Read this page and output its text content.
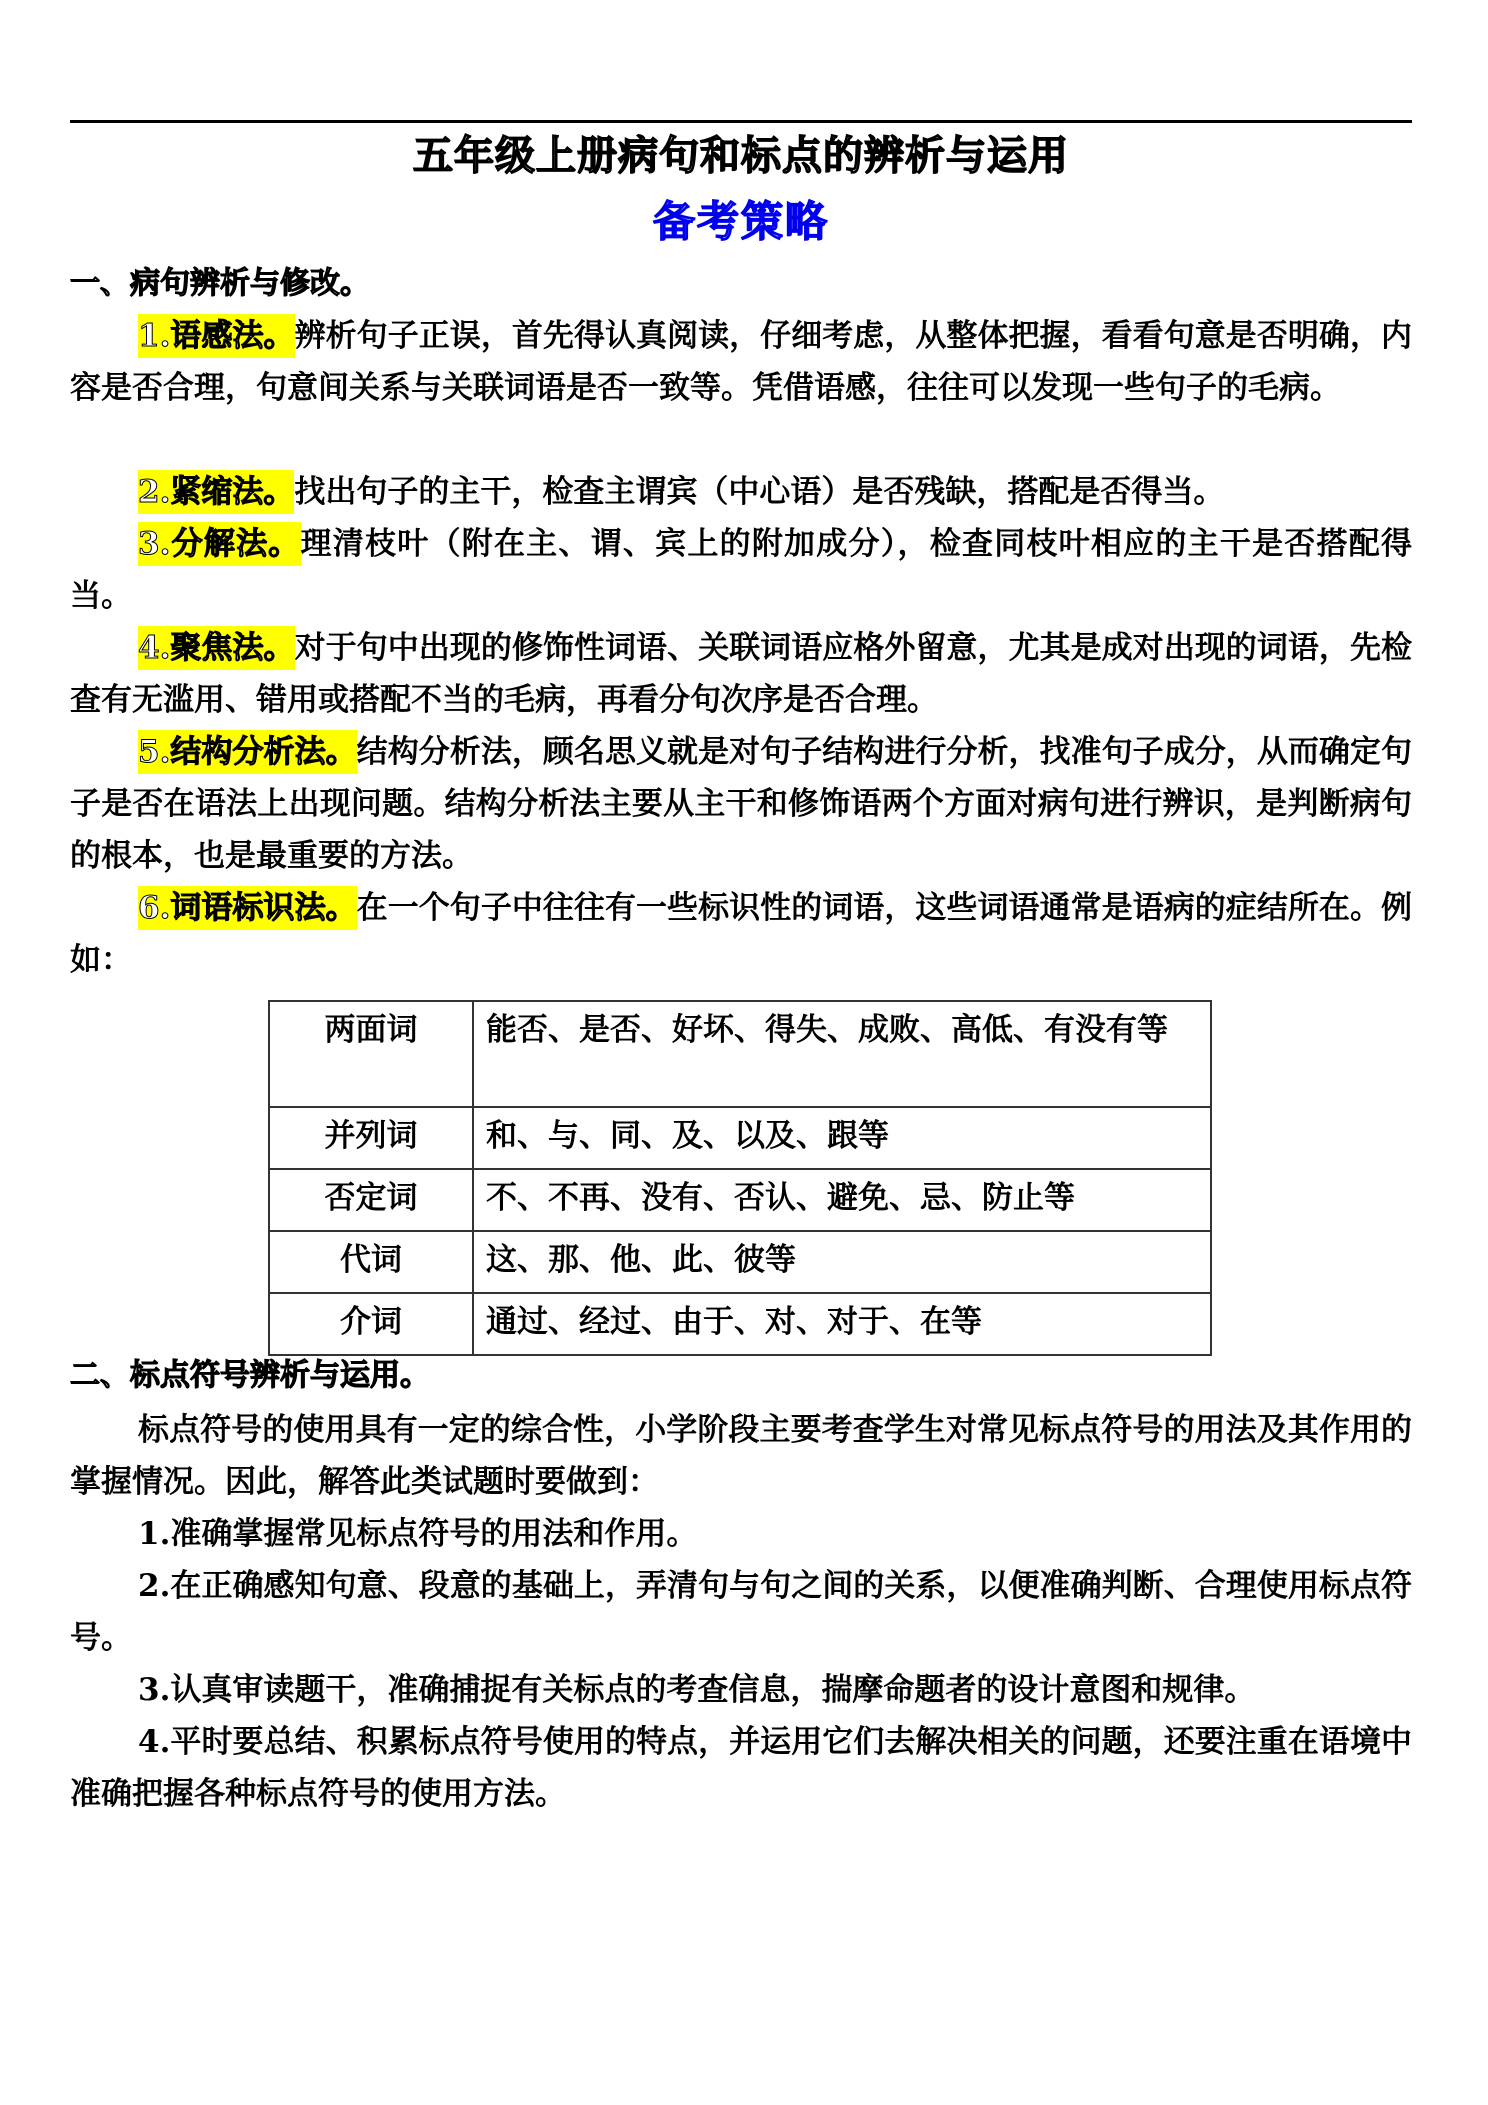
五年级上册病句和标点的辨析与运用
备考策略
一、病句辨析与修改。
1.语感法。辨析句子正误，首先得认真阅读，仔细考虑，从整体把握，看看句意是否明确，内容是否合理，句意间关系与关联词语是否一致等。凭借语感，往往可以发现一些句子的毛病。
2.紧缩法。找出句子的主干，检查主谓宾（中心语）是否残缺，搭配是否得当。
3.分解法。理清枝叶（附在主、谓、宾上的附加成分），检查同枝叶相应的主干是否搭配得当。
4.聚焦法。对于句中出现的修饰性词语、关联词语应格外留意，尤其是成对出现的词语，先检查有无滥用、错用或搭配不当的毛病，再看分句次序是否合理。
5.结构分析法。结构分析法，顾名思义就是对句子结构进行分析，找准句子成分，从而确定句子是否在语法上出现问题。结构分析法主要从主干和修饰语两个方面对病句进行辨识，是判断病句的根本，也是最重要的方法。
6.词语标识法。在一个句子中往往有一些标识性的词语，这些词语通常是语病的症结所在。例如：
两面词	能否、是否、好坏、得失、成败、高低、有没有等
并列词	和、与、同、及、以及、跟等
否定词	不、不再、没有、否认、避免、忌、防止等
代词	这、那、他、此、彼等
介词	通过、经过、由于、对、对于、在等
二、标点符号辨析与运用。
标点符号的使用具有一定的综合性，小学阶段主要考查学生对常见标点符号的用法及其作用的掌握情况。因此，解答此类试题时要做到：
1.准确掌握常见标点符号的用法和作用。
2.在正确感知句意、段意的基础上，弄清句与句之间的关系，以便准确判断、合理使用标点符号。
3.认真审读题干，准确捕捉有关标点的考查信息，揣摩命题者的设计意图和规律。
4.平时要总结、积累标点符号使用的特点，并运用它们去解决相关的问题，还要注重在语境中准确把握各种标点符号的使用方法。
